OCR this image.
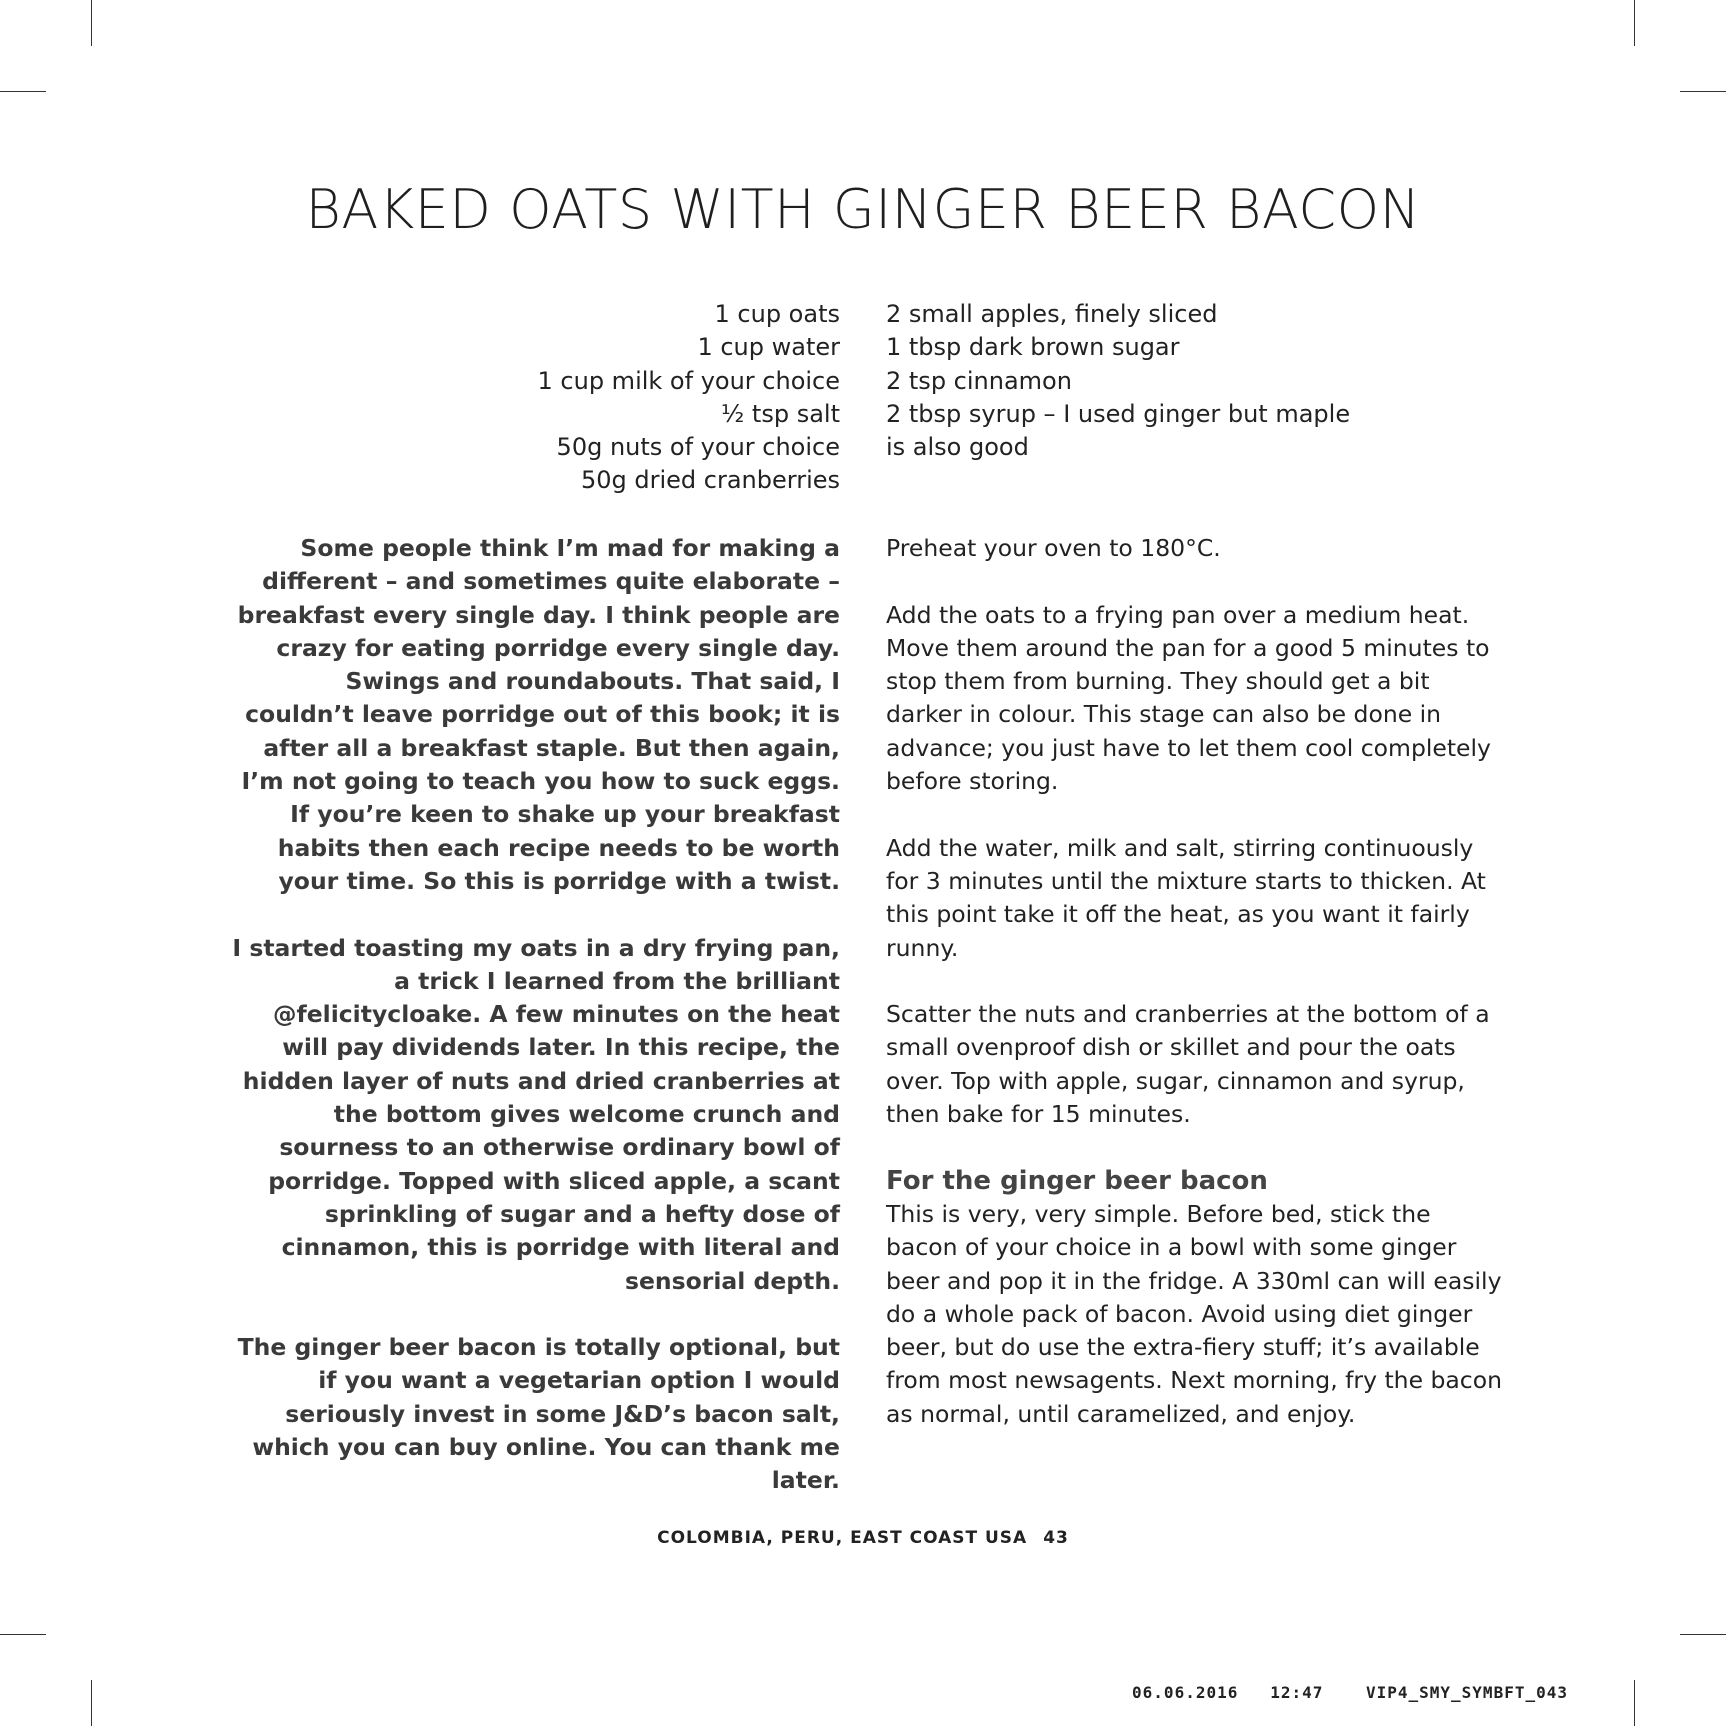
BAKED OATS WITH GINGER BEER BACON
1 cup oats
1 cup water
1 cup milk of your choice
½ tsp salt
50g nuts of your choice
50g dried cranberries
2 small apples, finely sliced
1 tbsp dark brown sugar
2 tsp cinnamon
2 tbsp syrup – I used ginger but maple
is also good

Some people think I’m mad for making a different – and sometimes quite elaborate – breakfast every single day. I think people are crazy for eating porridge every single day. Swings and roundabouts. That said, I couldn’t leave porridge out of this book; it is after all a breakfast staple. But then again, I’m not going to teach you how to suck eggs. If you’re keen to shake up your breakfast habits then each recipe needs to be worth your time. So this is porridge with a twist.

I started toasting my oats in a dry frying pan, a trick I learned from the brilliant @felicitycloake. A few minutes on the heat will pay dividends later. In this recipe, the hidden layer of nuts and dried cranberries at the bottom gives welcome crunch and sourness to an otherwise ordinary bowl of porridge. Topped with sliced apple, a scant sprinkling of sugar and a hefty dose of cinnamon, this is porridge with literal and sensorial depth.

The ginger beer bacon is totally optional, but if you want a vegetarian option I would seriously invest in some J&D’s bacon salt, which you can buy online. You can thank me later.

Preheat your oven to 180°C.

Add the oats to a frying pan over a medium heat. Move them around the pan for a good 5 minutes to stop them from burning. They should get a bit darker in colour. This stage can also be done in advance; you just have to let them cool completely before storing.

Add the water, milk and salt, stirring continuously for 3 minutes until the mixture starts to thicken. At this point take it off the heat, as you want it fairly runny.

Scatter the nuts and cranberries at the bottom of a small ovenproof dish or skillet and pour the oats over. Top with apple, sugar, cinnamon and syrup, then bake for 15 minutes.

For the ginger beer bacon

This is very, very simple. Before bed, stick the bacon of your choice in a bowl with some ginger beer and pop it in the fridge. A 330ml can will easily do a whole pack of bacon. Avoid using diet ginger beer, but do use the extra-fiery stuff; it’s available from most newsagents. Next morning, fry the bacon as normal, until caramelized, and enjoy.

COLOMBIA, PERU, EAST COAST USA 43
06.06.2016 12:47	VIP4_SMY_SYMBFT_043
